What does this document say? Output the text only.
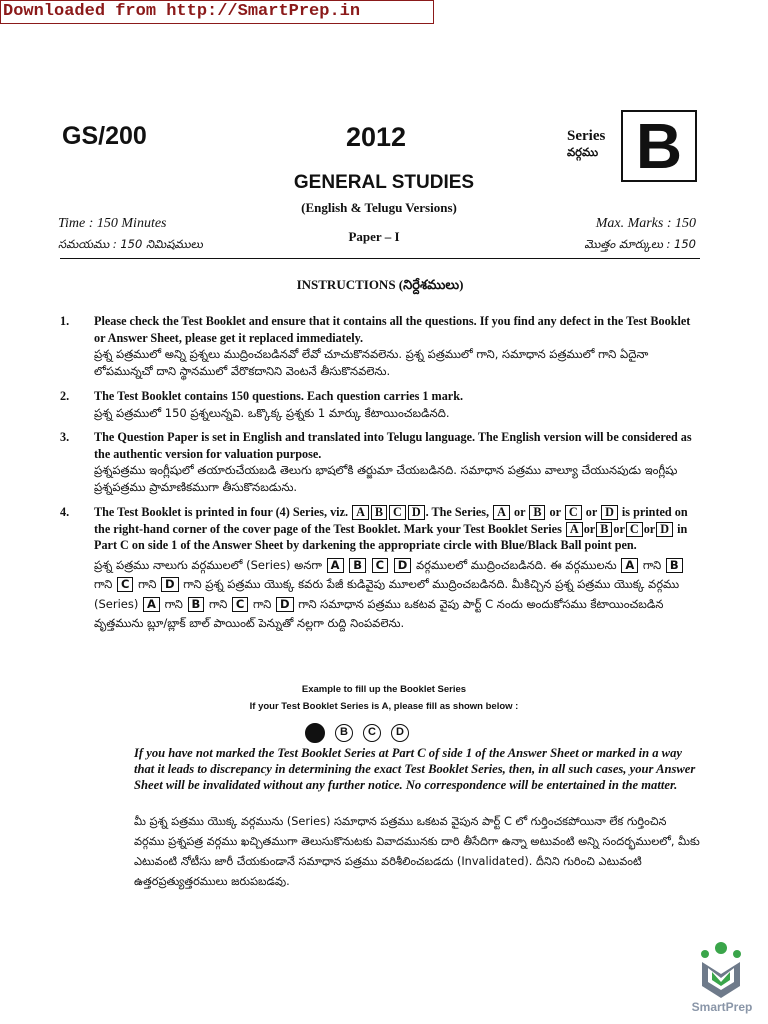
Downloaded from http://SmartPrep.in
GS/200	2012	Series
వర్గము B
GENERAL STUDIES
(English & Telugu Versions)
Paper – I
Time : 150 Minutes
సమయము : 150 నిమిషములు
Max. Marks : 150
మొత్తం మార్కులు : 150
INSTRUCTIONS (నిర్దేశములు)
1. Please check the Test Booklet and ensure that it contains all the questions. If you find any defect in the Test Booklet or Answer Sheet, please get it replaced immediately.
ప్రశ్న పత్రములో అన్ని ప్రశ్నలు ముద్రించబడినవో లేవో చూచుకొనవలెను. ప్రశ్న పత్రములో గాని, సమాధాన పత్రములో గాని ఏదైనా లోపమున్నచో దాని స్థానములో వేరొకదానిని వెంటనే తీసుకొనవలెను.
2. The Test Booklet contains 150 questions. Each question carries 1 mark.
ప్రశ్న పత్రములో 150 ప్రశ్నలున్నవి. ఒక్కొక్క ప్రశ్నకు 1 మార్కు కేటాయించబడినది.
3. The Question Paper is set in English and translated into Telugu language. The English version will be considered as the authentic version for valuation purpose.
ప్రశ్నపత్రము ఇంగ్లీషులో తయారుచేయబడి తెలుగు భాషలోకి తర్జుమా చేయబడినది. సమాధాన పత్రము వాల్యూ చేయునపుడు ఇంగ్లీషు ప్రశ్నపత్రము ప్రామాణికముగా తీసుకొనబడును.
4. The Test Booklet is printed in four (4) Series, viz. A B C D . The Series, A or B or C or D is printed on the right-hand corner of the cover page of the Test Booklet. Mark your Test Booklet Series A or B or C or D in Part C on side 1 of the Answer Sheet by darkening the appropriate circle with Blue/Black Ball point pen.
ప్రశ్న పత్రము నాలుగు వర్గములలో (Series) అనగా A B C D వర్గములలో ముద్రించబడినది. ఈ వర్గములను A గాని B గాని C గాని D గాని ప్రశ్న పత్రము యొక్క కవరు పేజీ కుడివైపు మూలలో ముద్రించబడినది. మీకిచ్చిన ప్రశ్న పత్రము యొక్క వర్గము (Series) A గాని B గాని C గాని D గాని సమాధాన పత్రము ఒకటవ వైపు పార్ట్ C నందు అందుకోసము కేటాయించబడిన వృత్తమును బ్లూ/బ్లాక్ బాల్ పాయింట్ పెన్నుతో నల్లగా రుద్ది నింపవలెను.
Example to fill up the Booklet Series
If your Test Booklet Series is A, please fill as shown below :
B	C	D
If you have not marked the Test Booklet Series at Part C of side 1 of the Answer Sheet or marked in a way that it leads to discrepancy in determining the exact Test Booklet Series, then, in all such cases, your Answer Sheet will be invalidated without any further notice. No correspondence will be entertained in the matter.
మీ ప్రశ్న పత్రము యొక్క వర్గమును (Series) సమాధాన పత్రము ఒకటవ వైపున పార్ట్ C లో గుర్తించకపోయినా లేక గుర్తించిన వర్గము ప్రశ్నపత్ర వర్గము ఖచ్చితముగా తెలుసుకొనుటకు వివాదమునకు దారి తీసేదిగా ఉన్నా అటువంటి అన్ని సందర్భములలో, మీకు ఎటువంటి నోటీసు జారీ చేయకుండానే సమాధాన పత్రము వరిశీలించబడదు (Invalidated). దీనిని గురించి ఎటువంటి ఉత్తరప్రత్యుత్తరములు జరుపబడవు.
SmartPrep
